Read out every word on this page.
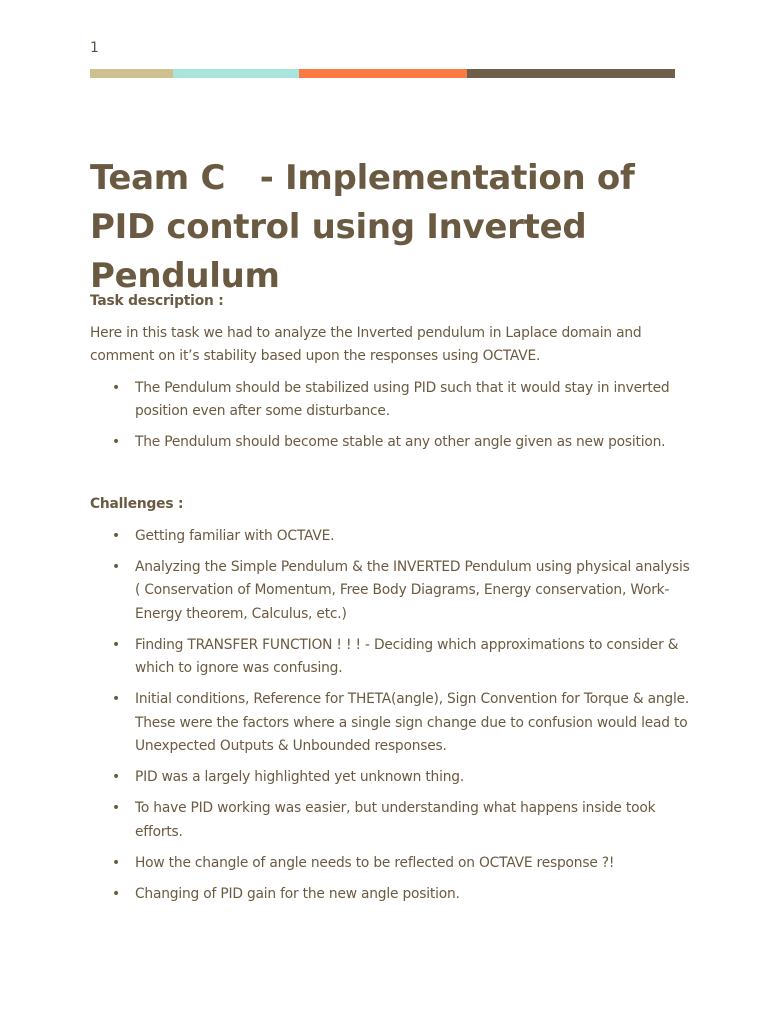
1
Team C   - Implementation of PID control using Inverted Pendulum
Task description :
Here in this task we had to analyze the Inverted pendulum in Laplace domain and comment on it’s stability based upon the responses using OCTAVE.
• The Pendulum should be stabilized using PID such that it would stay in inverted position even after some disturbance.
• The Pendulum should become stable at any other angle given as new position.
Challenges :
• Getting familiar with OCTAVE.
• Analyzing the Simple Pendulum & the INVERTED Pendulum using physical analysis ( Conservation of Momentum, Free Body Diagrams, Energy conservation, Work-Energy theorem, Calculus, etc.)
• Finding TRANSFER FUNCTION ! ! ! - Deciding which approximations to consider & which to ignore was confusing.
• Initial conditions, Reference for THETA(angle), Sign Convention for Torque & angle. These were the factors where a single sign change due to confusion would lead to Unexpected Outputs & Unbounded responses.
• PID was a largely highlighted yet unknown thing.
• To have PID working was easier, but understanding what happens inside took efforts.
• How the changle of angle needs to be reflected on OCTAVE response ?!
• Changing of PID gain for the new angle position.
